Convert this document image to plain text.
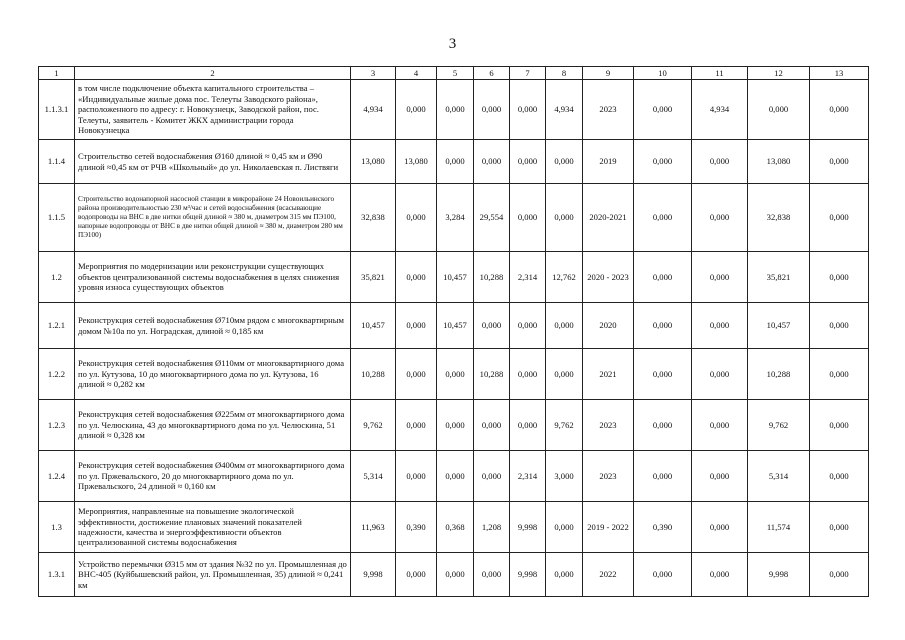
3
1	2	3	4	5	6	7	8	9	10	11	12	13
1.1.3.1	в том числе подключение объекта капитального строительства – «Индивидуальные жилые дома пос. Телеуты Заводского района», расположенного по адресу: г. Новокузнецк, Заводской район, пос. Телеуты, заявитель - Комитет ЖКХ администрации города Новокузнецка	4,934	0,000	0,000	0,000	0,000	4,934	2023	0,000	4,934	0,000	0,000
1.1.4	Строительство сетей водоснабжения Ø160 длиной ≈ 0,45 км и Ø90 длиной ≈0,45 км от РЧВ «Школьный» до ул. Николаевская п. Листвяги	13,080	13,080	0,000	0,000	0,000	0,000	2019	0,000	0,000	13,080	0,000
1.1.5	Строительство водонапорной насосной станции в микрорайоне 24 Новоильинского района производительностью 230 м³/час и сетей водоснабжения (всасывающие водопроводы на ВНС в две нитки общей длиной ≈ 380 м, диаметром 315 мм ПЭ100, напорные водопроводы от ВНС в две нитки общей длиной ≈ 380 м, диаметром 280 мм ПЭ100)	32,838	0,000	3,284	29,554	0,000	0,000	2020-2021	0,000	0,000	32,838	0,000
1.2	Мероприятия по модернизации или реконструкции существующих объектов централизованной системы водоснабжения в целях снижения уровня износа существующих объектов	35,821	0,000	10,457	10,288	2,314	12,762	2020 - 2023	0,000	0,000	35,821	0,000
1.2.1	Реконструкция сетей водоснабжения Ø710мм рядом с многоквартирным домом №10а по ул. Ноградская, длиной ≈ 0,185 км	10,457	0,000	10,457	0,000	0,000	0,000	2020	0,000	0,000	10,457	0,000
1.2.2	Реконструкция сетей водоснабжения Ø110мм от многоквартирного дома по ул. Кутузова, 10 до многоквартирного дома по ул. Кутузова, 16 длиной ≈ 0,282 км	10,288	0,000	0,000	10,288	0,000	0,000	2021	0,000	0,000	10,288	0,000
1.2.3	Реконструкция сетей водоснабжения Ø225мм от многоквартирного дома по ул. Челюскина, 43 до многоквартирного дома по ул. Челюскина, 51 длиной ≈ 0,328 км	9,762	0,000	0,000	0,000	0,000	9,762	2023	0,000	0,000	9,762	0,000
1.2.4	Реконструкция сетей водоснабжения Ø400мм от многоквартирного дома по ул. Пржевальского, 20 до многоквартирного дома по ул. Пржевальского, 24 длиной ≈ 0,160 км	5,314	0,000	0,000	0,000	2,314	3,000	2023	0,000	0,000	5,314	0,000
1.3	Мероприятия, направленные на повышение экологической эффективности, достижение плановых значений показателей надежности, качества и энергоэффективности объектов централизованной системы водоснабжения	11,963	0,390	0,368	1,208	9,998	0,000	2019 - 2022	0,390	0,000	11,574	0,000
1.3.1	Устройство перемычки Ø315 мм от здания №32 по ул. Промышленная до ВНС-405 (Куйбышевский район, ул. Промышленная, 35) длиной ≈ 0,241 км	9,998	0,000	0,000	0,000	9,998	0,000	2022	0,000	0,000	9,998	0,000
